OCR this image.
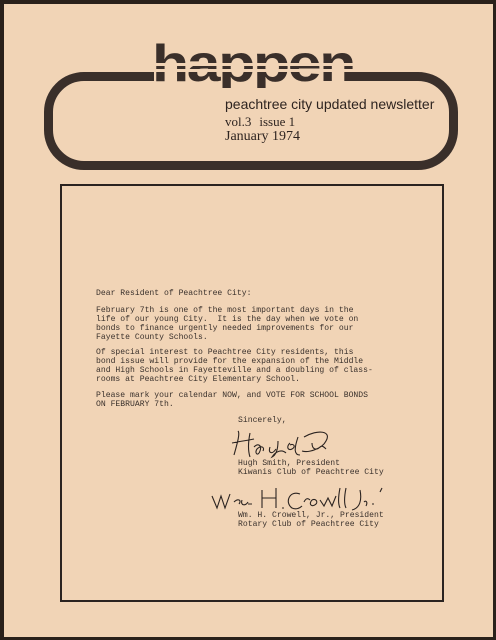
peachtree city updated newsletter
vol.3 issue 1
January 1974
Dear Resident of Peachtree City:
February 7th is one of the most important days in the
life of our young City.  It is the day when we vote on
bonds to finance urgently needed improvements for our
Fayette County Schools.
Of special interest to Peachtree City residents, this
bond issue will provide for the expansion of the Middle
and High Schools in Fayetteville and a doubling of class-
rooms at Peachtree City Elementary School.
Please mark your calendar NOW, and VOTE FOR SCHOOL BONDS
ON FEBRUARY 7th.
Sincerely,
Hugh Smith, President
Kiwanis Club of Peachtree City
Wm. H. Crowell, Jr., President
Rotary Club of Peachtree City
